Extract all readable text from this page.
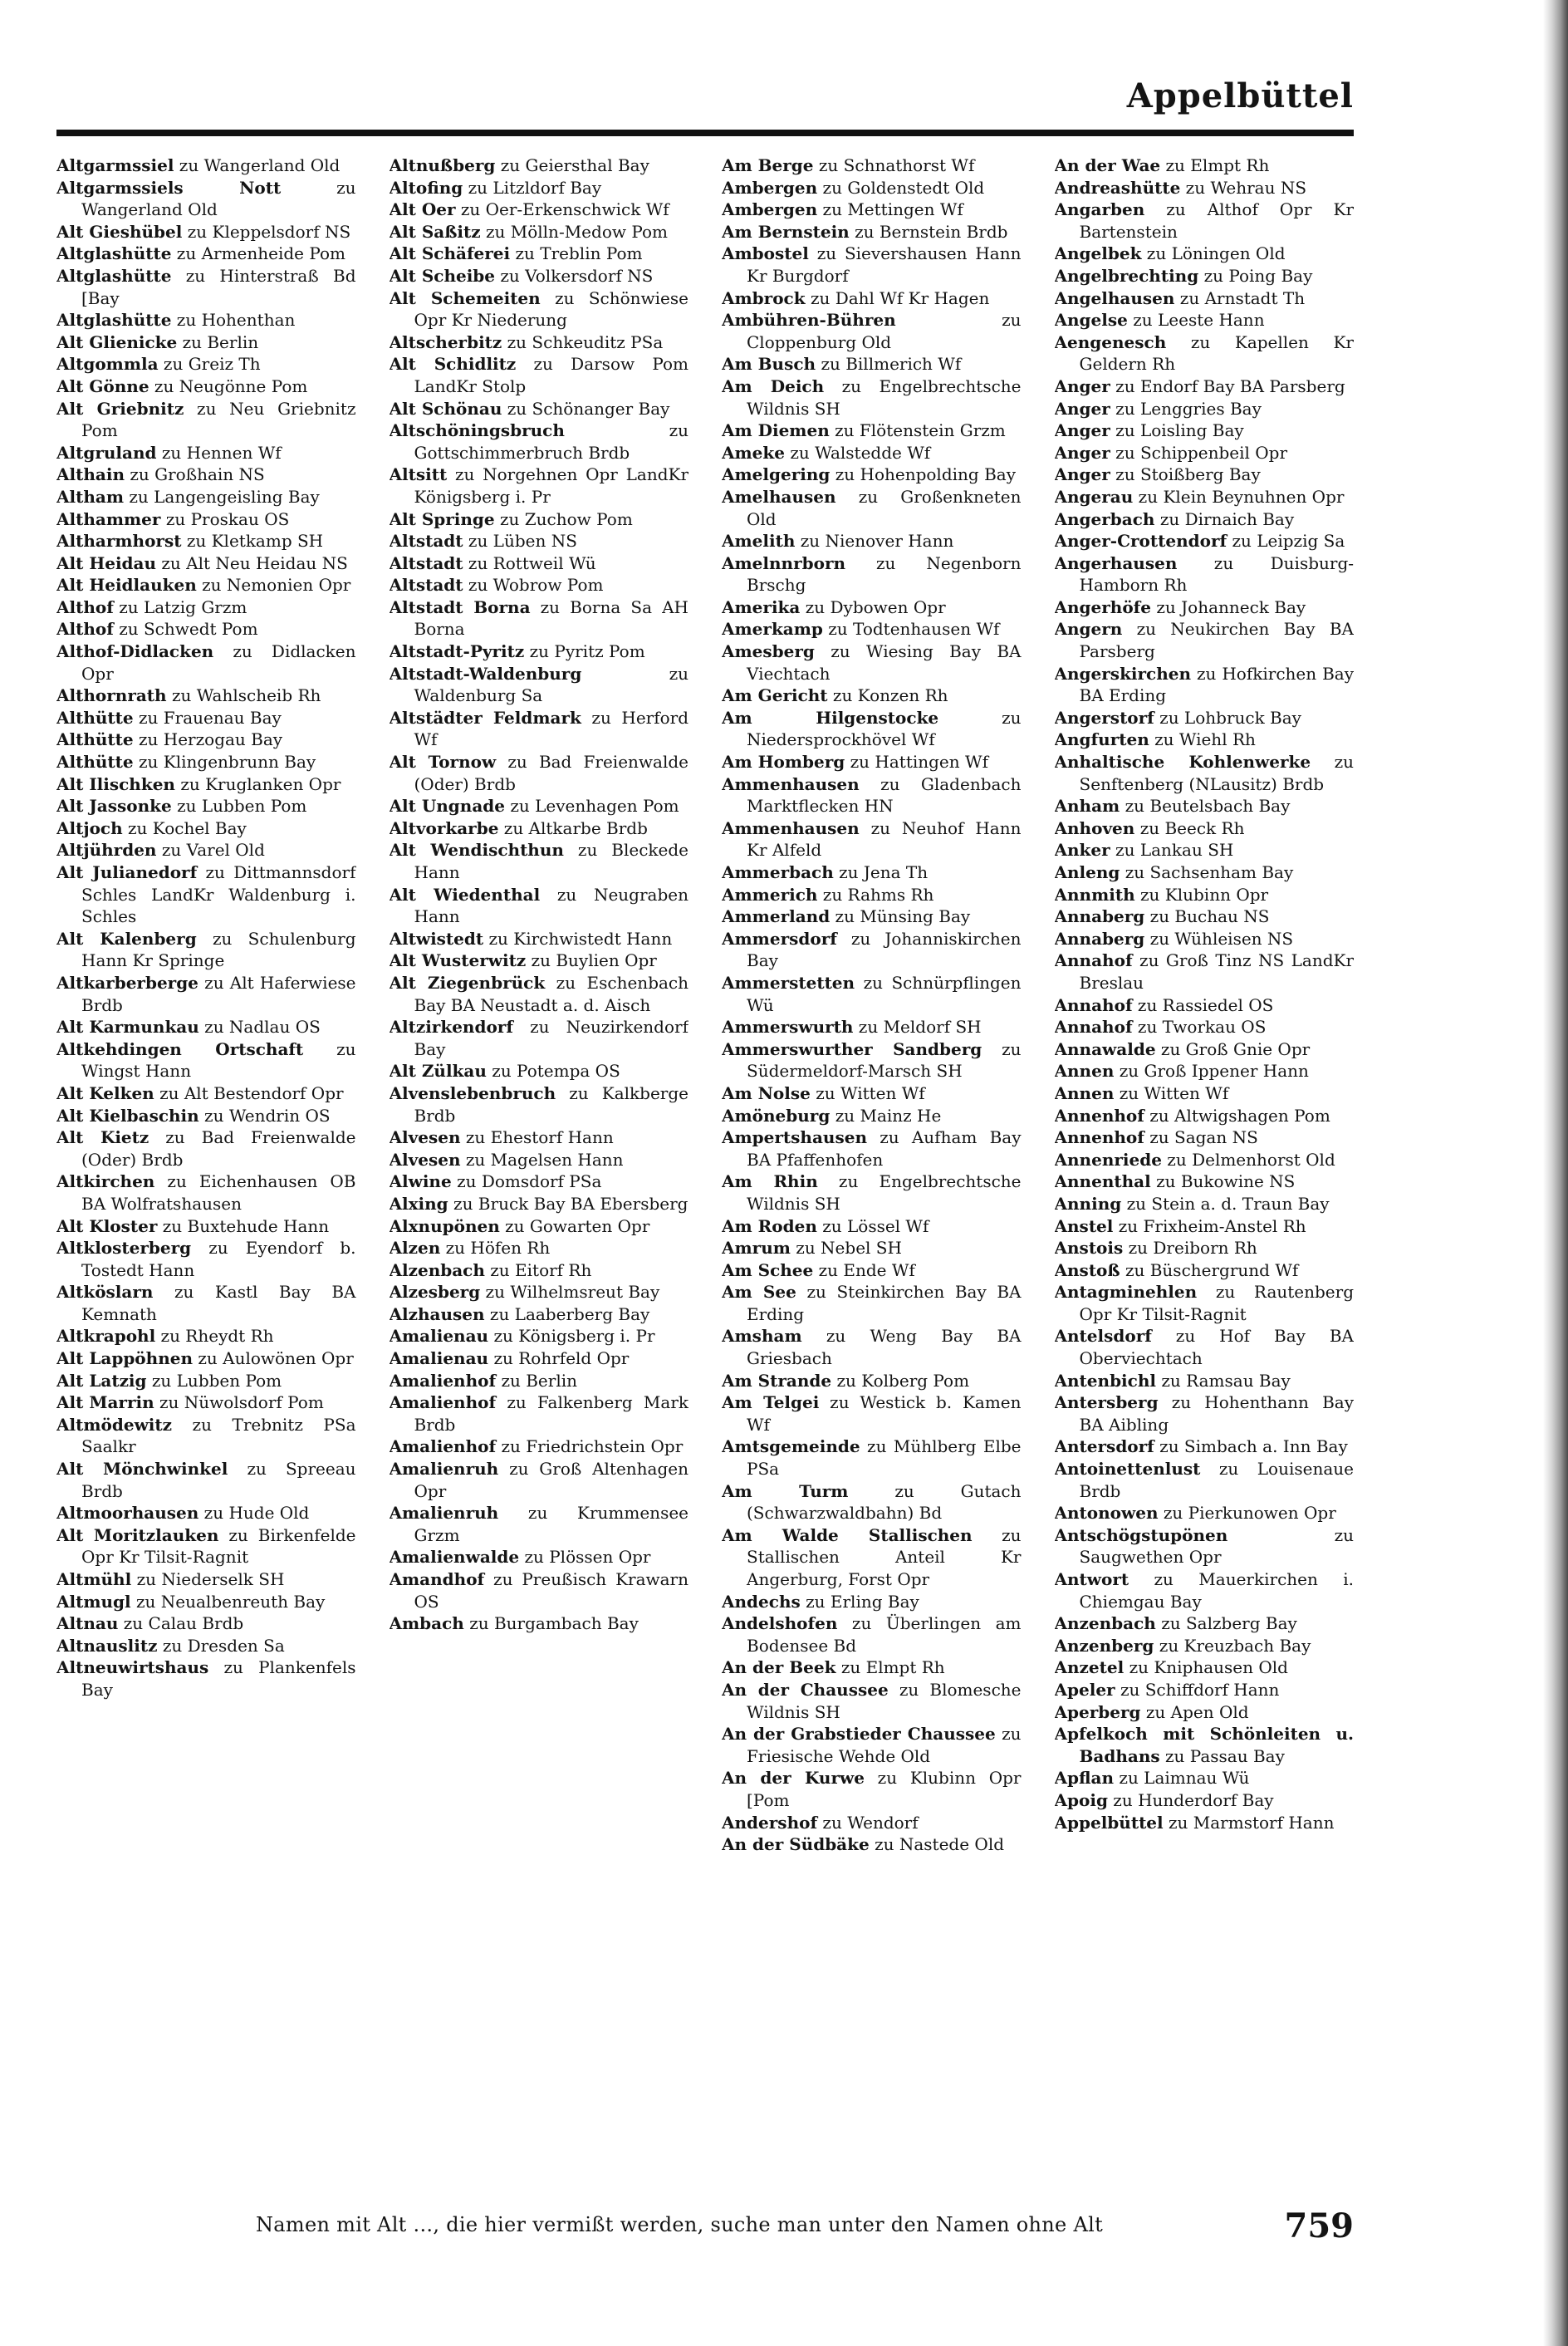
Appelbüttel
Altgarmssiel zu Wangerland Old
Altgarmssiels Nott	zu Wangerland Old
Alt Gieshübel zu Kleppelsdorf NS
Altglashütte zu Armenheide Pom
Altglashütte zu Hinterstraß Bd [Bay
Altglashütte zu Hohenthan
Alt Glienicke zu Berlin
Altgommla zu Greiz Th
Alt Gönne zu Neugönne Pom
Alt Griebnitz zu Neu Griebnitz Pom
Altgruland zu Hennen Wf
Althain zu Großhain NS
Altham zu Langengeisling Bay
Althammer zu Proskau OS
Altharmhorst zu Kletkamp SH
Alt Heidau zu Alt Neu Heidau NS
Alt Heidlauken zu Nemonien Opr
Althof zu Latzig Grzm
Althof zu Schwedt Pom
Althof-Didlacken zu Didlacken Opr
Althornrath zu Wahlscheib Rh
Althütte zu Frauenau Bay
Althütte zu Herzogau Bay
Althütte zu Klingenbrunn Bay
Alt Ilischken zu Kruglanken Opr
Alt Jassonke zu Lubben Pom
Altjoch zu Kochel Bay
Altjührden zu Varel Old
Alt Julianedorf zu Dittmannsdorf Schles LandKr Waldenburg i. Schles
Alt Kalenberg zu Schulenburg Hann Kr Springe
Altkarberberge zu Alt Haferwiese Brdb
Alt Karmunkau zu Nadlau OS
Altkehdingen Ortschaft zu Wingst Hann
Alt Kelken zu Alt Bestendorf Opr
Alt Kielbaschin zu Wendrin OS
Alt Kietz zu Bad Freienwalde (Oder) Brdb
Altkirchen zu Eichenhausen OB BA Wolfratshausen
Alt Kloster zu Buxtehude Hann
Altklosterberg zu Eyendorf b. Tostedt Hann
Altköslarn zu Kastl Bay BA Kemnath
Altkrapohl zu Rheydt Rh
Alt Lappöhnen zu Aulowönen Opr
Alt Latzig zu Lubben Pom
Alt Marrin zu Nüwolsdorf Pom
Altmödewitz zu Trebnitz PSa Saalkr
Alt Mönchwinkel zu Spreeau Brdb
Altmoorhausen zu Hude Old
Alt Moritzlauken zu Birkenfelde Opr Kr Tilsit-Ragnit
Altmühl zu Niederselk SH
Altmugl zu Neualbenreuth Bay
Altnau zu Calau Brdb
Altnauslitz zu Dresden Sa
Altneuwirtshaus zu Plankenfels Bay
Altnußberg zu Geiersthal Bay
Altofing zu Litzldorf Bay
Alt Oer zu Oer-Erkenschwick Wf
Alt Saßitz zu Mölln-Medow Pom
Alt Schäferei zu Treblin Pom
Alt Scheibe zu Volkersdorf NS
Alt Schemeiten zu Schönwiese Opr Kr Niederung
Altscherbitz zu Schkeuditz PSa
Alt Schidlitz zu Darsow Pom LandKr Stolp
Alt Schönau zu Schönanger Bay
Altschöningsbruch	zu Gottschimmerbruch Brdb
Altsitt zu Norgehnen Opr LandKr Königsberg i. Pr
Alt Springe zu Zuchow Pom
Altstadt zu Lüben NS
Altstadt zu Rottweil Wü
Altstadt zu Wobrow Pom
Altstadt Borna zu Borna Sa AH Borna
Altstadt-Pyritz zu Pyritz Pom
Altstadt-Waldenburg	zu Waldenburg Sa
Altstädter Feldmark zu Herford Wf
Alt Tornow zu Bad Freienwalde (Oder) Brdb
Alt Ungnade zu Levenhagen Pom
Altvorkarbe zu Altkarbe Brdb
Alt Wendischthun zu Bleckede Hann
Alt Wiedenthal zu Neugraben Hann
Altwistedt zu Kirchwistedt Hann
Alt Wusterwitz zu Buylien Opr
Alt Ziegenbrück zu Eschenbach Bay BA Neustadt a. d. Aisch
Altzirkendorf zu Neuzirkendorf Bay
Alt Zülkau zu Potempa OS
Alvenslebenbruch zu Kalkberge Brdb
Alvesen zu Ehestorf Hann
Alvesen zu Magelsen Hann
Alwine zu Domsdorf PSa
Alxing zu Bruck Bay BA Ebersberg
Alxnupönen zu Gowarten Opr
Alzen zu Höfen Rh
Alzenbach zu Eitorf Rh
Alzesberg zu Wilhelmsreut Bay
Alzhausen zu Laaberberg Bay
Amalienau zu Königsberg i. Pr
Amalienau zu Rohrfeld Opr
Amalienhof zu Berlin
Amalienhof zu Falkenberg Mark Brdb
Amalienhof zu Friedrichstein Opr
Amalienruh zu Groß Altenhagen Opr
Amalienruh zu Krummensee Grzm
Amalienwalde zu Plössen Opr
Amandhof zu Preußisch Krawarn OS
Ambach zu Burgambach Bay
Am Berge zu Schnathorst Wf
Ambergen zu Goldenstedt Old
Ambergen zu Mettingen Wf
Am Bernstein zu Bernstein Brdb
Ambostel zu Sievershausen Hann Kr Burgdorf
Ambrock zu Dahl Wf Kr Hagen
Ambühren-Bühren	zu Cloppenburg Old
Am Busch zu Billmerich Wf
Am Deich zu Engelbrechtsche Wildnis SH
Am Diemen zu Flötenstein Grzm
Ameke zu Walstedde Wf
Amelgering zu Hohenpolding Bay
Amelhausen zu Großenkneten Old
Amelith zu Nienover Hann
Amelnnrborn zu Negenborn Brschg
Amerika zu Dybowen Opr
Amerkamp zu Todtenhausen Wf
Amesberg zu Wiesing Bay BA Viechtach
Am Gericht zu Konzen Rh
Am Hilgenstocke	zu Niedersprockhövel Wf
Am Homberg zu Hattingen Wf
Ammenhausen zu Gladenbach Marktflecken HN
Ammenhausen zu Neuhof Hann Kr Alfeld
Ammerbach zu Jena Th
Ammerich zu Rahms Rh
Ammerland zu Münsing Bay
Ammersdorf zu Johanniskirchen Bay
Ammerstetten zu Schnürpflingen Wü
Ammerswurth zu Meldorf SH
Ammerswurther Sandberg zu Südermeldorf-Marsch SH
Am Nolse zu Witten Wf
Amöneburg zu Mainz He
Ampertshausen zu Aufham Bay BA Pfaffenhofen
Am Rhin zu Engelbrechtsche Wildnis SH
Am Roden zu Lössel Wf
Amrum zu Nebel SH
Am Schee zu Ende Wf
Am See zu Steinkirchen Bay BA Erding
Amsham zu Weng Bay BA Griesbach
Am Strande zu Kolberg Pom
Am Telgei zu Westick b. Kamen Wf
Amtsgemeinde zu Mühlberg Elbe PSa
Am Turm	zu Gutach (Schwarzwaldbahn) Bd
Am Walde Stallischen zu Stallischen Anteil Kr Angerburg, Forst Opr
Andechs zu Erling Bay
Andelshofen zu Überlingen am Bodensee Bd
An der Beek zu Elmpt Rh
An der Chaussee zu Blomesche Wildnis SH
An der Grabstieder Chaussee zu Friesische Wehde Old
An der Kurwe zu Klubinn Opr [Pom
Andershof zu Wendorf
An der Südbäke zu Nastede Old
An der Wae zu Elmpt Rh
Andreashütte zu Wehrau NS
Angarben zu Althof Opr Kr Bartenstein
Angelbek zu Löningen Old
Angelbrechting zu Poing Bay
Angelhausen zu Arnstadt Th
Angelse zu Leeste Hann
Aengenesch zu Kapellen Kr Geldern Rh
Anger zu Endorf Bay BA Parsberg
Anger zu Lenggries Bay
Anger zu Loisling Bay
Anger zu Schippenbeil Opr
Anger zu Stoißberg Bay
Angerau zu Klein Beynuhnen Opr
Angerbach zu Dirnaich Bay
Anger-Crottendorf zu Leipzig Sa
Angerhausen zu Duisburg-Hamborn Rh
Angerhöfe zu Johanneck Bay
Angern zu Neukirchen Bay BA Parsberg
Angerskirchen zu Hofkirchen Bay BA Erding
Angerstorf zu Lohbruck Bay
Angfurten zu Wiehl Rh
Anhaltische Kohlenwerke zu Senftenberg (NLausitz) Brdb
Anham zu Beutelsbach Bay
Anhoven zu Beeck Rh
Anker zu Lankau SH
Anleng zu Sachsenham Bay
Annmith zu Klubinn Opr
Annaberg zu Buchau NS
Annaberg zu Wühleisen NS
Annahof zu Groß Tinz NS LandKr Breslau
Annahof zu Rassiedel OS
Annahof zu Tworkau OS
Annawalde zu Groß Gnie Opr
Annen zu Groß Ippener Hann
Annen zu Witten Wf
Annenhof zu Altwigshagen Pom
Annenhof zu Sagan NS
Annenriede zu Delmenhorst Old
Annenthal zu Bukowine NS
Anning zu Stein a. d. Traun Bay
Anstel zu Frixheim-Anstel Rh
Anstois zu Dreiborn Rh
Anstoß zu Büschergrund Wf
Antagminehlen zu Rautenberg Opr Kr Tilsit-Ragnit
Antelsdorf zu Hof Bay BA Oberviechtach
Antenbichl zu Ramsau Bay
Antersberg zu Hohenthann Bay BA Aibling
Antersdorf zu Simbach a. Inn Bay
Antoinettenlust zu Louisenaue Brdb
Antonowen zu Pierkunowen Opr
Antschögstupönen	zu Saugwethen Opr
Antwort zu Mauerkirchen i. Chiemgau Bay
Anzenbach zu Salzberg Bay
Anzenberg zu Kreuzbach Bay
Anzetel zu Kniphausen Old
Apeler zu Schiffdorf Hann
Aperberg zu Apen Old
Apfelkoch mit Schönleiten u. Badhans zu Passau Bay
Apflan zu Laimnau Wü
Apoig zu Hunderdorf Bay
Appelbüttel zu Marmstorf Hann
Namen mit Alt ..., die hier vermißt werden, suche man unter den Namen ohne Alt	759
